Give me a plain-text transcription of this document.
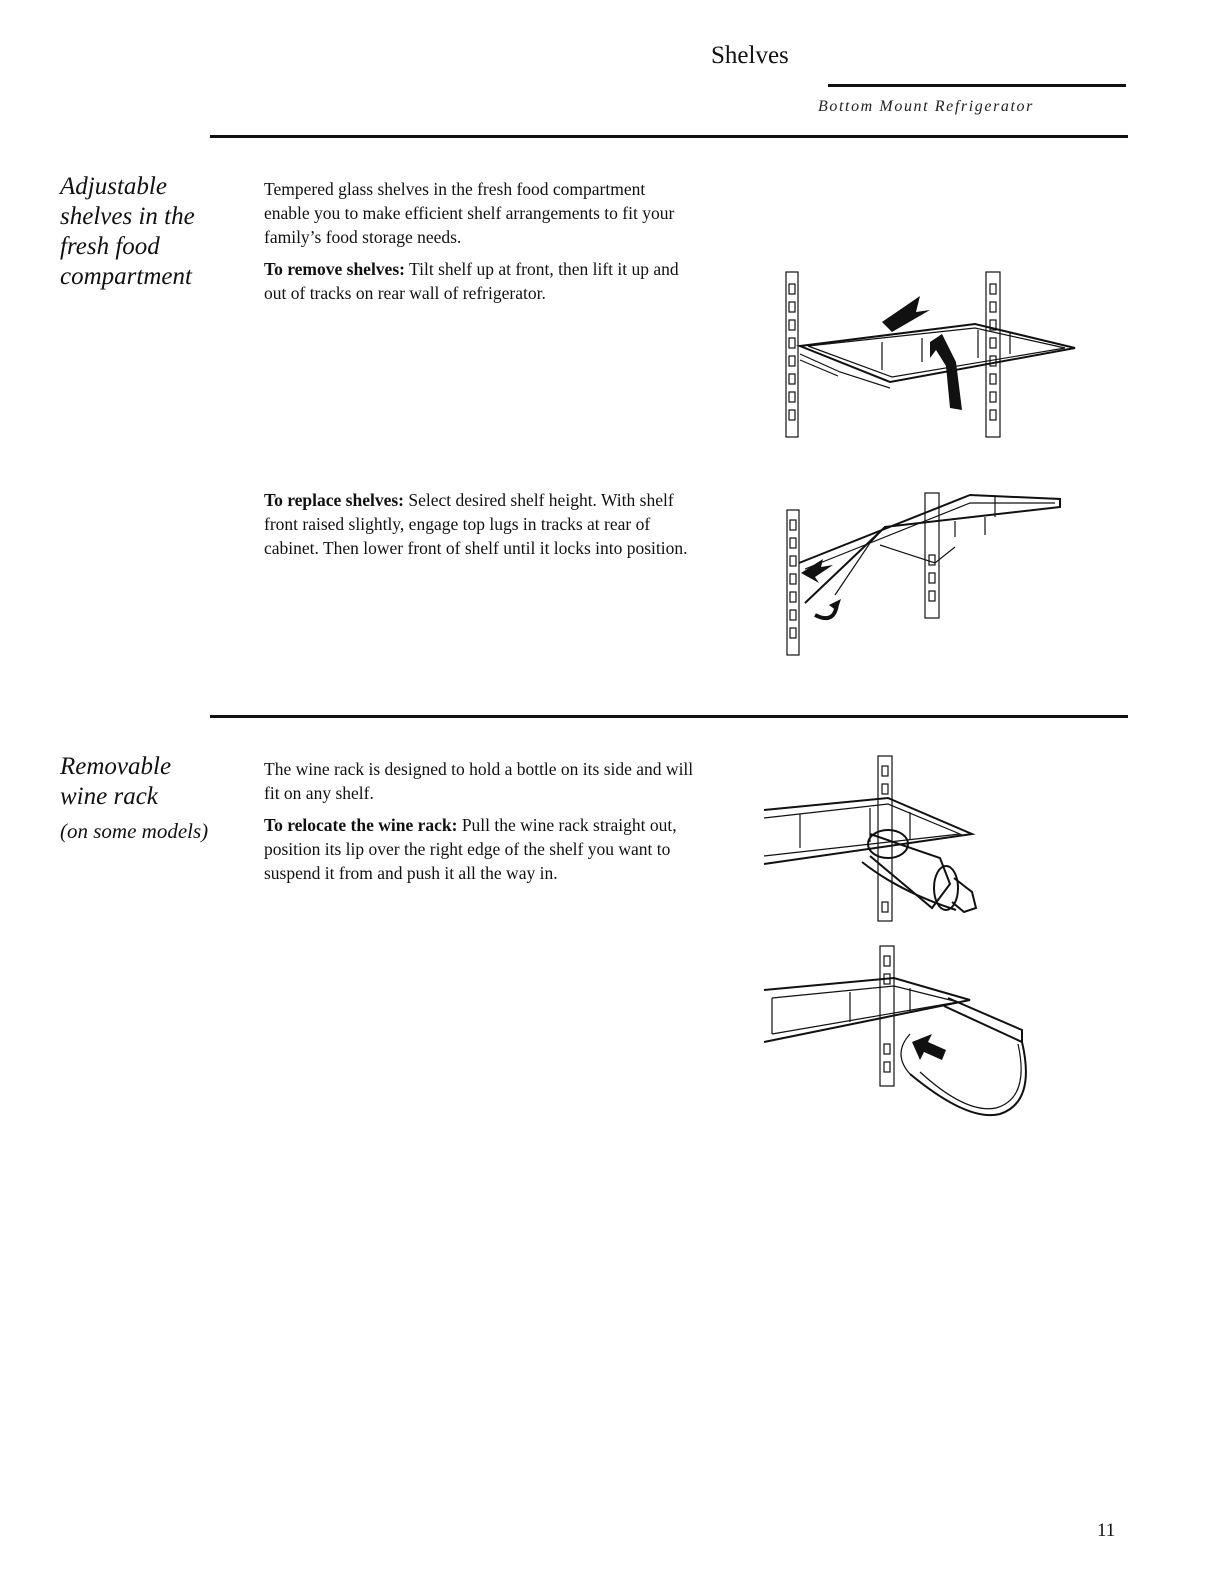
Shelves
Bottom Mount Refrigerator
Adjustable
shelves in the
fresh food
compartment

Tempered glass shelves in the fresh food compartment enable you to make efficient shelf arrangements to fit your family’s food storage needs.

To remove shelves: Tilt shelf up at front, then lift it up and out of tracks on rear wall of refrigerator.

To replace shelves: Select desired shelf height. With shelf front raised slightly, engage top lugs in tracks at rear of cabinet. Then lower front of shelf until it locks into position.

Removable
wine rack
(on some models)

The wine rack is designed to hold a bottle on its side and will fit on any shelf.

To relocate the wine rack: Pull the wine rack straight out, position its lip over the right edge of the shelf you want to suspend it from and push it all the way in.

11
